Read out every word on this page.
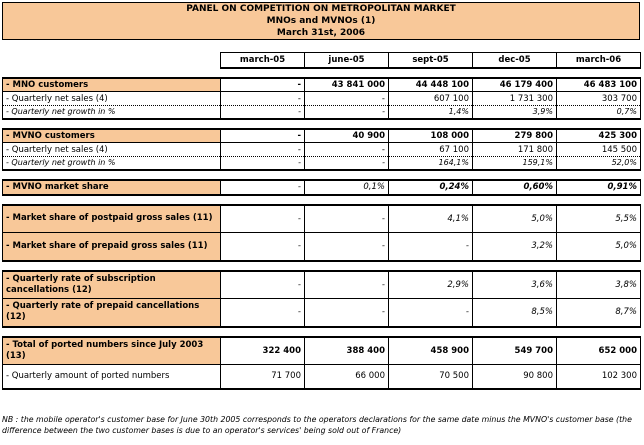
PANEL ON COMPETITION ON METROPOLITAN MARKET
MNOs and MVNOs (1)
March 31st, 2006
	march-05	june-05	sept-05	dec-05	march-06

- MNO customers	-	43 841 000	44 448 100	46 179 400	46 483 100
- Quarterly net sales (4)	-	-	607 100	1 731 300	303 700
- Quarterly net growth in %	-	-	1,4%	3,9%	0,7%

- MVNO customers	-	40 900	108 000	279 800	425 300
- Quarterly net sales (4)	-	-	67 100	171 800	145 500
- Quarterly net growth in %	-	-	164,1%	159,1%	52,0%

- MVNO market share	-	0,1%	0,24%	0,60%	0,91%

- Market share of postpaid gross sales (11)	-	-	4,1%	5,0%	5,5%
- Market share of prepaid gross sales (11)	-	-	-	3,2%	5,0%

- Quarterly rate of subscription cancellations (12)	-	-	2,9%	3,6%	3,8%
- Quarterly rate of prepaid cancellations (12)	-	-	-	8,5%	8,7%

- Total of ported numbers since July 2003 (13)	322 400	388 400	458 900	549 700	652 000
- Quarterly amount of ported numbers	71 700	66 000	70 500	90 800	102 300
NB : the mobile operator's customer base for June 30th 2005 corresponds to the operators declarations for the same date minus the MVNO's customer base (the difference between the two customer bases is due to an operator's services' being sold out of France)
